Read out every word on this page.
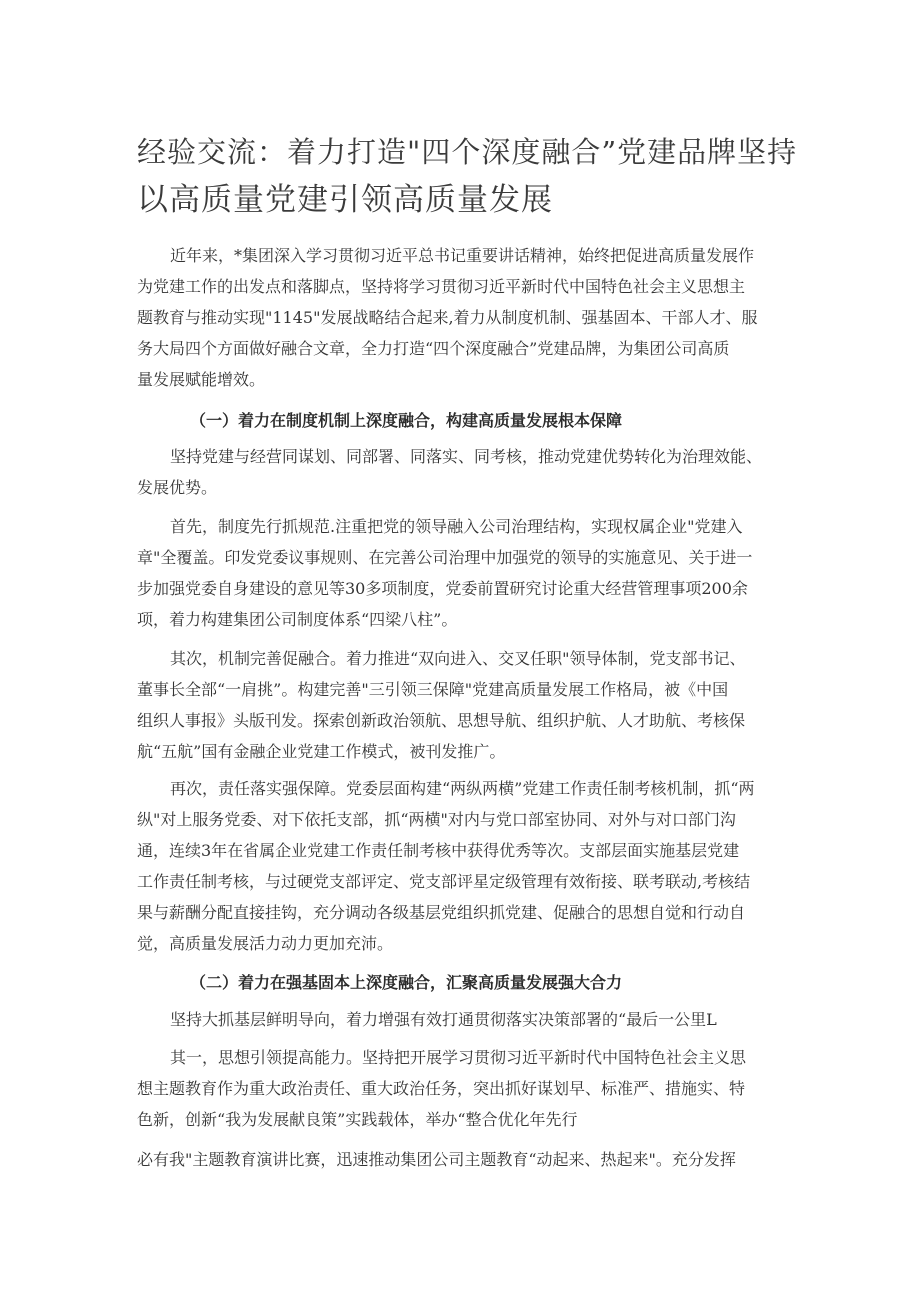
经验交流：着力打造"四个深度融合”党建品牌坚持
以高质量党建引领高质量发展
近年来，*集团深入学习贯彻习近平总书记重要讲话精神，始终把促进高质量发展作
为党建工作的出发点和落脚点，坚持将学习贯彻习近平新时代中国特色社会主义思想主
题教育与推动实现"1145"发展战略结合起来,着力从制度机制、强基固本、干部人才、服
务大局四个方面做好融合文章，全力打造“四个深度融合”党建品牌，为集团公司高质
量发展赋能增效。
（一）着力在制度机制上深度融合，构建高质量发展根本保障
坚持党建与经营同谋划、同部署、同落实、同考核，推动党建优势转化为治理效能、
发展优势。
首先，制度先行抓规范.注重把党的领导融入公司治理结构，实现权属企业"党建入
章"全覆盖。印发党委议事规则、在完善公司治理中加强党的领导的实施意见、关于进一
步加强党委自身建设的意见等30多项制度，党委前置研究讨论重大经营管理事项200余
项，着力构建集团公司制度体系“四梁八柱”。
其次，机制完善促融合。着力推进“双向进入、交叉任职"领导体制，党支部书记、
董事长全部“一肩挑”。构建完善"三引领三保障"党建高质量发展工作格局，被《中国
组织人事报》头版刊发。探索创新政治领航、思想导航、组织护航、人才助航、考核保
航“五航”国有金融企业党建工作模式，被刊发推广。
再次，责任落实强保障。党委层面构建“两纵两横”党建工作责任制考核机制，抓“两
纵"对上服务党委、对下依托支部，抓“两横"对内与党口部室协同、对外与对口部门沟
通，连续3年在省属企业党建工作责任制考核中获得优秀等次。支部层面实施基层党建
工作责任制考核，与过硬党支部评定、党支部评星定级管理有效衔接、联考联动,考核结
果与薪酬分配直接挂钩，充分调动各级基层党组织抓党建、促融合的思想自觉和行动自
觉，高质量发展活力动力更加充沛。
（二）着力在强基固本上深度融合，汇聚高质量发展强大合力
坚持大抓基层鲜明导向，着力增强有效打通贯彻落实决策部署的“最后一公里L
其一，思想引领提高能力。坚持把开展学习贯彻习近平新时代中国特色社会主义思
想主题教育作为重大政治责任、重大政治任务，突出抓好谋划早、标准严、措施实、特
色新，创新“我为发展献良策”实践载体，举办“整合优化年先行
必有我"主题教育演讲比赛，迅速推动集团公司主题教育“动起来、热起来"。充分发挥
